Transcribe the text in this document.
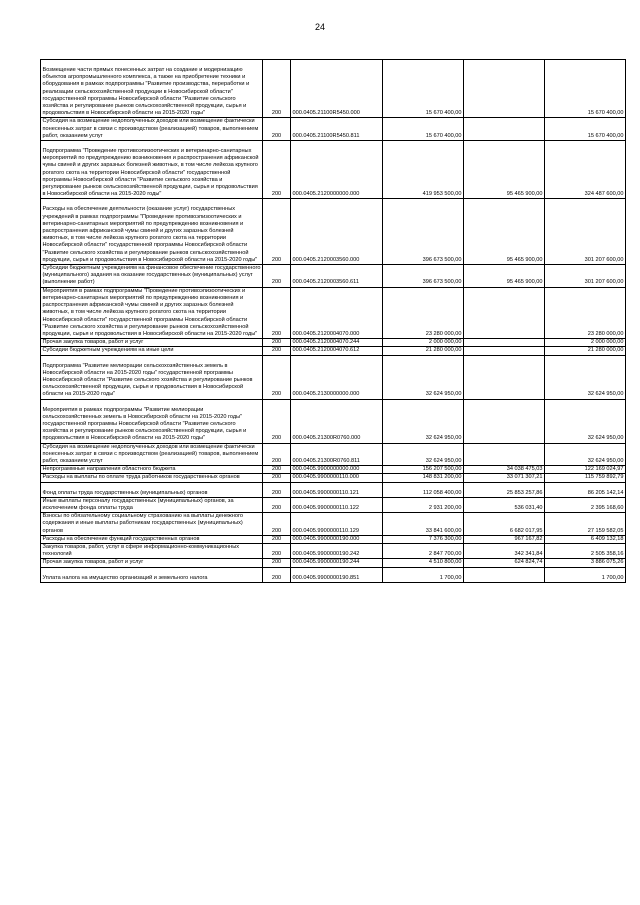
24
Возмещение части прямых понесенных затрат на создание и модернизацию объектов агропромышленного комплекса, а также на приобретение техники и оборудования в рамках подпрограммы "Развитие производства, переработки и реализации сельскохозяйственной продукции в Новосибирской области" государственной программы Новосибирской области "Развитие сельского хозяйства и регулирование рынков сельскохозяйственной продукции, сырья и продовольствия в Новосибирской области на 2015-2020 годы"	200	000.0405.21100R5450.000	15 670 400,00		15 670 400,00
Субсидия на возмещение недополученных доходов или возмещение фактически понесенных затрат в связи с производством (реализацией) товаров, выполнением работ, оказанием услуг	200	000.0405.21100R5450.811	15 670 400,00		15 670 400,00

Подпрограмма "Проведение противоэпизоотических и ветеринарно-санитарных мероприятий по предупреждению возникновения и распространения африканской чумы свиней и других заразных болезней животных, в том числе лейкоза крупного рогатого скота на территории Новосибирской области" государственной программы Новосибирской области "Развитие сельского хозяйства и регулирование рынков сельскохозяйственной продукции, сырья и продовольствия в Новосибирской области на 2015-2020 годы"	200	000.0405.2120000000.000	419 953 500,00	95 465 900,00	324 487 600,00

Расходы на обеспечение деятельности (оказание услуг) государственных учреждений в рамках подпрограммы "Проведение противоэпизоотических и ветеринарно-санитарных мероприятий по предупреждению возникновения и распространения африканской чумы свиней и других заразных болезней животных, в том числе лейкоза крупного рогатого скота на территории Новосибирской области" государственной программы Новосибирской области "Развитие сельского хозяйства и регулирование рынков сельскохозяйственной продукции, сырья и продовольствия в Новосибирской области на 2015-2020 годы"	200	000.0405.2120003560.000	396 673 500,00	95 465 900,00	301 207 600,00
Субсидии бюджетным учреждениям на финансовое обеспечение государственного (муниципального) задания на оказание государственных (муниципальных) услуг (выполнение работ)	200	000.0405.2120003560.611	396 673 500,00	95 465 900,00	301 207 600,00
Мероприятия в рамках подпрограммы "Проведение противоэпизоотических и ветеринарно-санитарных мероприятий по предупреждению возникновения и распространения африканской чумы свиней и других заразных болезней животных, в том числе лейкоза крупного рогатого скота на территории Новосибирской области" государственной программы Новосибирской области "Развитие сельского хозяйства и регулирование рынков сельскохозяйственной продукции, сырья и продовольствия в Новосибирской области на 2015-2020 годы"	200	000.0405.2120004070.000	23 280 000,00		23 280 000,00
Прочая закупка товаров, работ и услуг	200	000.0405.2120004070.244	2 000 000,00		2 000 000,00
Субсидии бюджетным учреждениям на иные цели	200	000.0405.2120004070.612	21 280 000,00		21 280 000,00

Подпрограмма "Развитие мелиорации сельскохозяйственных земель в Новосибирской области на 2015-2020 годы" государственной программы Новосибирской области "Развитие сельского хозяйства и регулирование рынков сельскохозяйственной продукции, сырья и продовольствия в Новосибирской области на 2015-2020 годы"	200	000.0405.2130000000.000	32 624 950,00		32 624 950,00

Мероприятия в рамках подпрограммы "Развитие мелиорации сельскохозяйственных земель в Новосибирской области на 2015-2020 годы" государственной программы Новосибирской области "Развитие сельского хозяйства и регулирование рынков сельскохозяйственной продукции, сырья и продовольствия в Новосибирской области на 2015-2020 годы"	200	000.0405.21300R0760.000	32 624 950,00		32 624 950,00
Субсидия на возмещение недополученных доходов или возмещение фактически понесенных затрат в связи с производством (реализацией) товаров, выполнением работ, оказанием услуг	200	000.0405.21300R0760.811	32 624 950,00		32 624 950,00
Непрограммные направления областного бюджета	200	000.0405.9900000000.000	156 207 500,00	34 038 475,03	122 169 024,97
Расходы на выплаты по оплате труда работников государственных органов	200	000.0405.9900000110.000	148 831 200,00	33 071 307,21	115 759 892,79

Фонд оплаты труда государственных (муниципальных) органов	200	000.0405.9900000110.121	112 058 400,00	25 853 257,86	86 205 142,14
Иные выплаты персоналу государственных (муниципальных) органов, за исключением фонда оплаты труда	200	000.0405.9900000110.122	2 931 200,00	536 031,40	2 395 168,60
Взносы по обязательному социальному страхованию на выплаты денежного содержания и иные выплаты работникам государственных (муниципальных) органов	200	000.0405.9900000110.129	33 841 600,00	6 682 017,95	27 159 582,05
Расходы на обеспечение функций государственных органов	200	000.0405.9900000190.000	7 376 300,00	967 167,82	6 409 132,18
Закупка товаров, работ, услуг в сфере информационно-коммуникационных технологий	200	000.0405.9900000190.242	2 847 700,00	342 341,84	2 505 358,16
Прочая закупка товаров, работ и услуг	200	000.0405.9900000190.244	4 510 800,00	624 824,74	3 886 075,26

Уплата налога на имущество организаций и земельного налога	200	000.0405.9900000190.851	1 700,00		1 700,00
